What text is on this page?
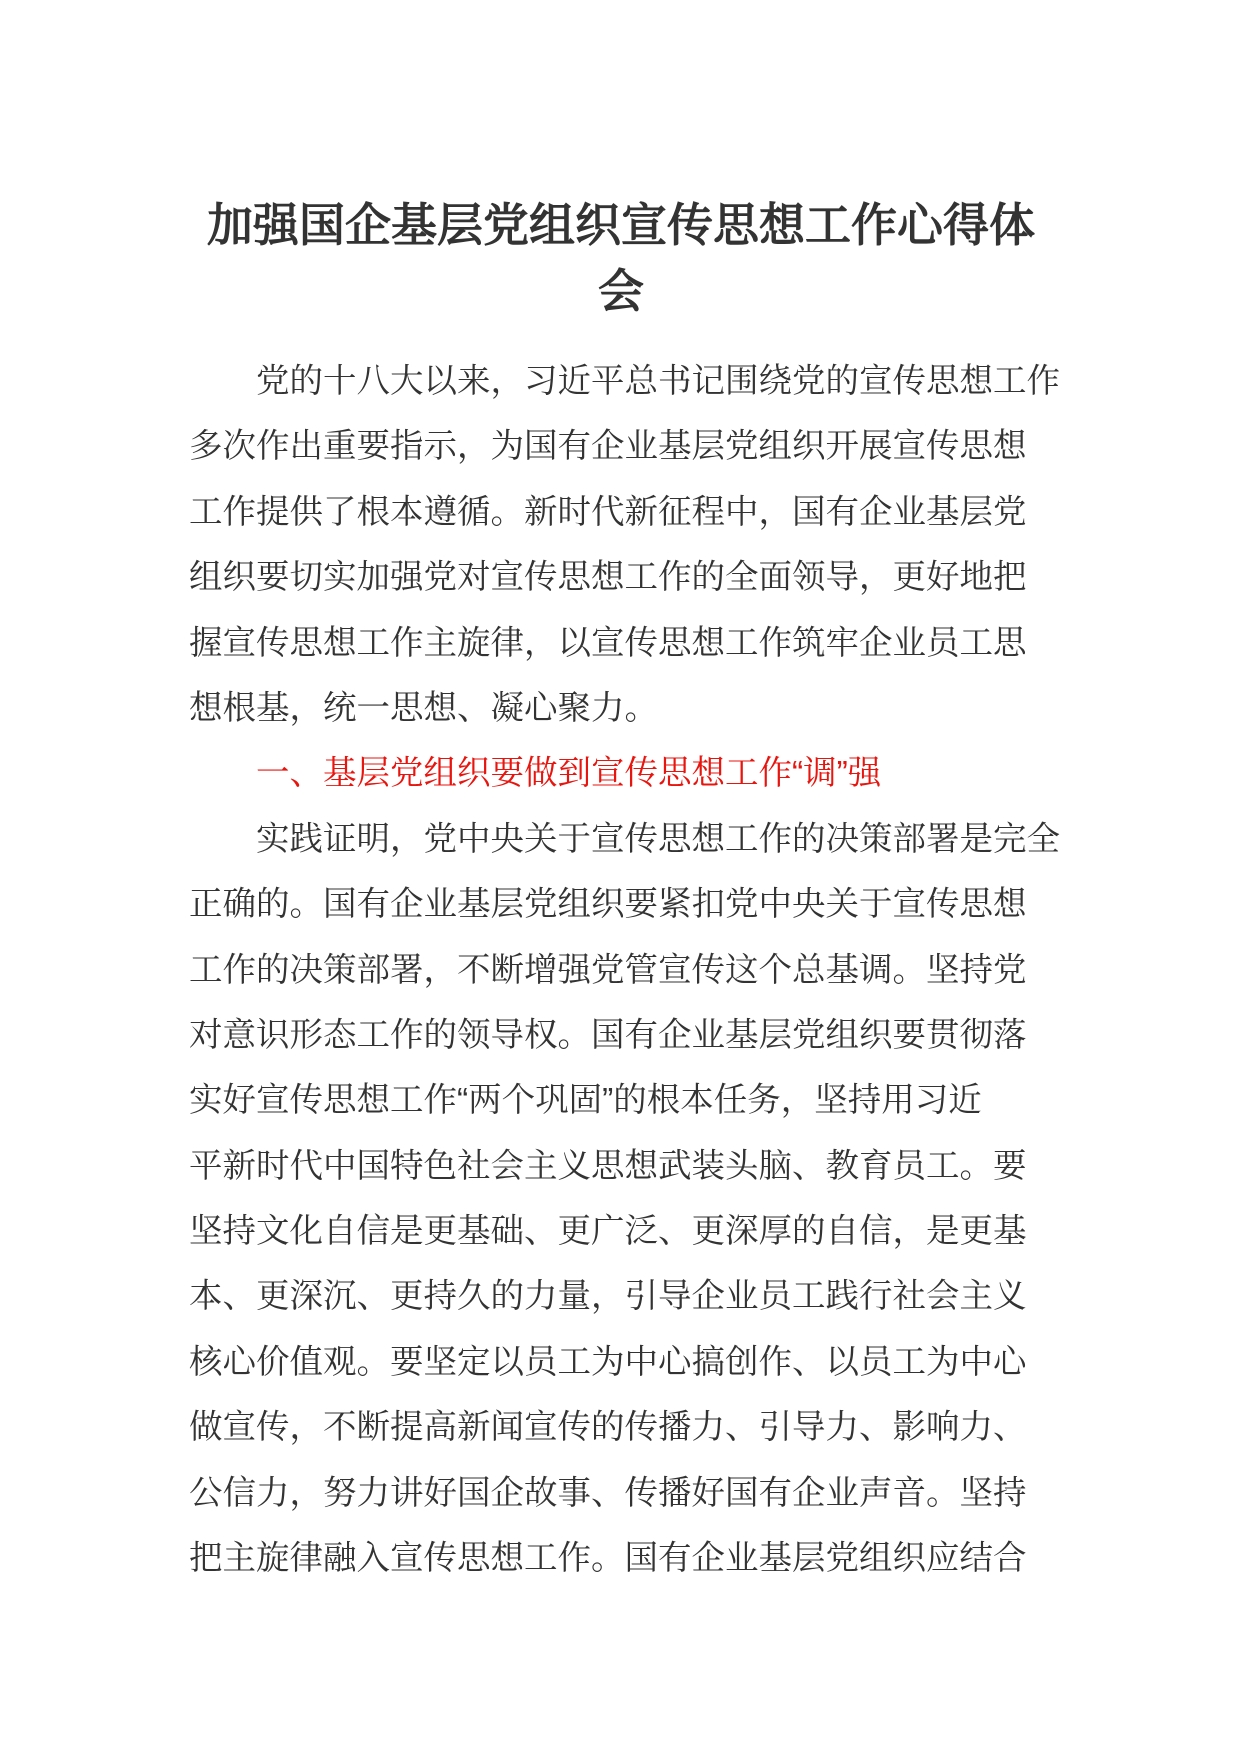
加强国企基层党组织宣传思想工作心得体
会
党的十八大以来，习近平总书记围绕党的宣传思想工作
多次作出重要指示，为国有企业基层党组织开展宣传思想
工作提供了根本遵循。新时代新征程中，国有企业基层党
组织要切实加强党对宣传思想工作的全面领导，更好地把
握宣传思想工作主旋律，以宣传思想工作筑牢企业员工思
想根基，统一思想、凝心聚力。
一、基层党组织要做到宣传思想工作“调”强
实践证明，党中央关于宣传思想工作的决策部署是完全
正确的。国有企业基层党组织要紧扣党中央关于宣传思想
工作的决策部署，不断增强党管宣传这个总基调。坚持党
对意识形态工作的领导权。国有企业基层党组织要贯彻落
实好宣传思想工作“两个巩固”的根本任务，坚持用习近
平新时代中国特色社会主义思想武装头脑、教育员工。要
坚持文化自信是更基础、更广泛、更深厚的自信，是更基
本、更深沉、更持久的力量，引导企业员工践行社会主义
核心价值观。要坚定以员工为中心搞创作、以员工为中心
做宣传，不断提高新闻宣传的传播力、引导力、影响力、
公信力，努力讲好国企故事、传播好国有企业声音。坚持
把主旋律融入宣传思想工作。国有企业基层党组织应结合
